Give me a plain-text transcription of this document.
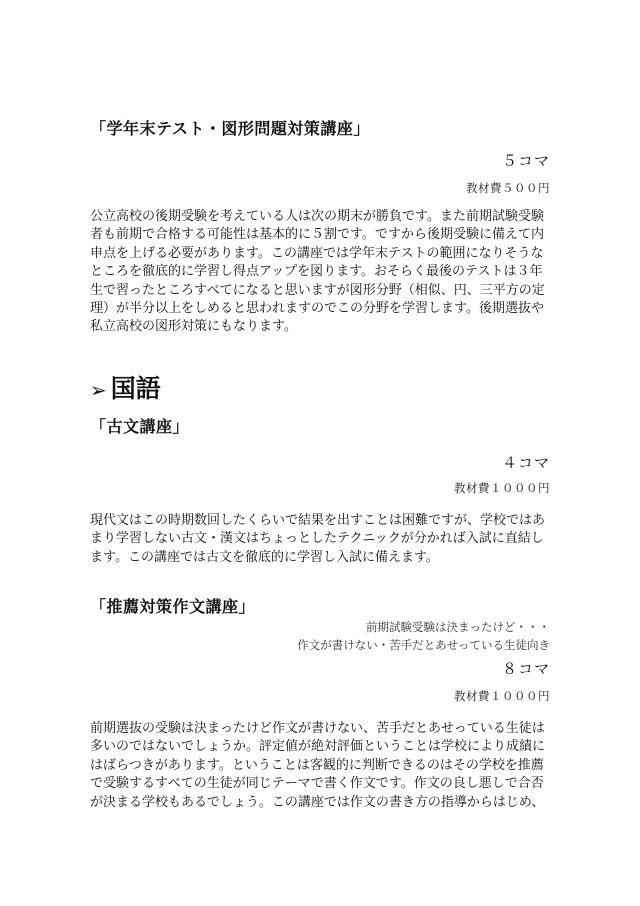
「学年末テスト・図形問題対策講座」
５コマ
教材費５００円

公立高校の後期受験を考えている人は次の期末が勝負です。また前期試験受験
者も前期で合格する可能性は基本的に５割です。ですから後期受験に備えて内
申点を上げる必要があります。この講座では学年末テストの範囲になりそうな
ところを徹底的に学習し得点アップを図ります。おそらく最後のテストは３年
生で習ったところすべてになると思いますが図形分野（相似、円、三平方の定
理）が半分以上をしめると思われますのでこの分野を学習します。後期選抜や
私立高校の図形対策にもなります。

➢ 国語
「古文講座」
４コマ
教材費１０００円

現代文はこの時期数回したくらいで結果を出すことは困難ですが、学校ではあ
まり学習しない古文・漢文はちょっとしたテクニックが分かれば入試に直結し
ます。この講座では古文を徹底的に学習し入試に備えます。

「推薦対策作文講座」
前期試験受験は決まったけど・・・
作文が書けない・苦手だとあせっている生徒向き
８コマ
教材費１０００円

前期選抜の受験は決まったけど作文が書けない、苦手だとあせっている生徒は
多いのではないでしょうか。評定値が絶対評価ということは学校により成績に
はばらつきがあります。ということは客観的に判断できるのはその学校を推薦
で受験するすべての生徒が同じテーマで書く作文です。作文の良し悪しで合否
が決まる学校もあるでしょう。この講座では作文の書き方の指導からはじめ、
